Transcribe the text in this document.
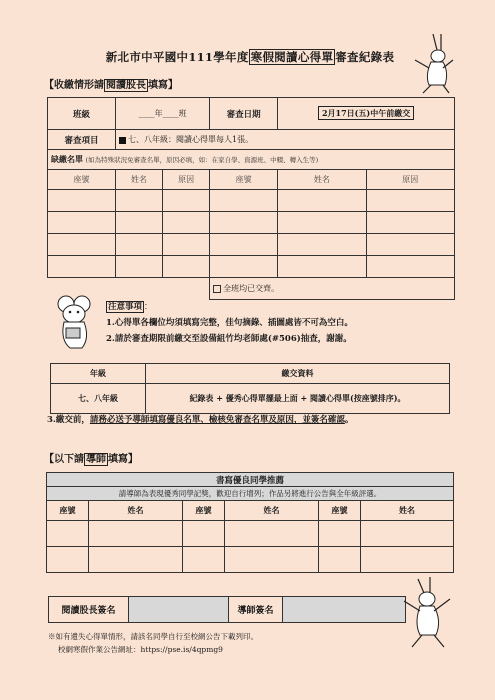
新北市中平國中111學年度 寒假閱讀心得單 審查紀錄表
【收繳情形請 閱讀股長 填寫】
班級	____年____班		審查日期	2月17日(五)中午前繳交	
審查項目	七、八年級：閱讀心得單每人1張。				
缺繳名單 (如為特殊狀況免審查名單，原因必填，如：在家自學、資源班、中輟、轉入生等)					
座號	姓名	原因	座號	姓名	原因

			全班均已交齊。		
注意事項 ：

1.心得單各欄位均須填寫完整，佳句摘錄、插圖處皆不可為空白。

2.請於審查期限前繳交至設備組竹均老師處(#506)抽查，謝謝。

年級	繳交資料
七、八年級	紀錄表 + 優秀心得單擺最上面 + 閱讀心得單(按座號排序)。
3.繳交前，請務必送予導師填寫優良名單、檢核免審查名單及原因，並簽名確認。
【以下請 導師 填寫】
書寫優良同學推薦					
請導師為表現優秀同學記獎，歡迎自行增列；作品另將進行公告與全年級評選。					
座號	姓名	座號	姓名	座號	姓名

閱讀股長簽名		導師簽名	
※如有遺失心得單情形，請該名同學自行至校網公告下載列印。
校網寒假作業公告網址：https://pse.is/4qpmg9
